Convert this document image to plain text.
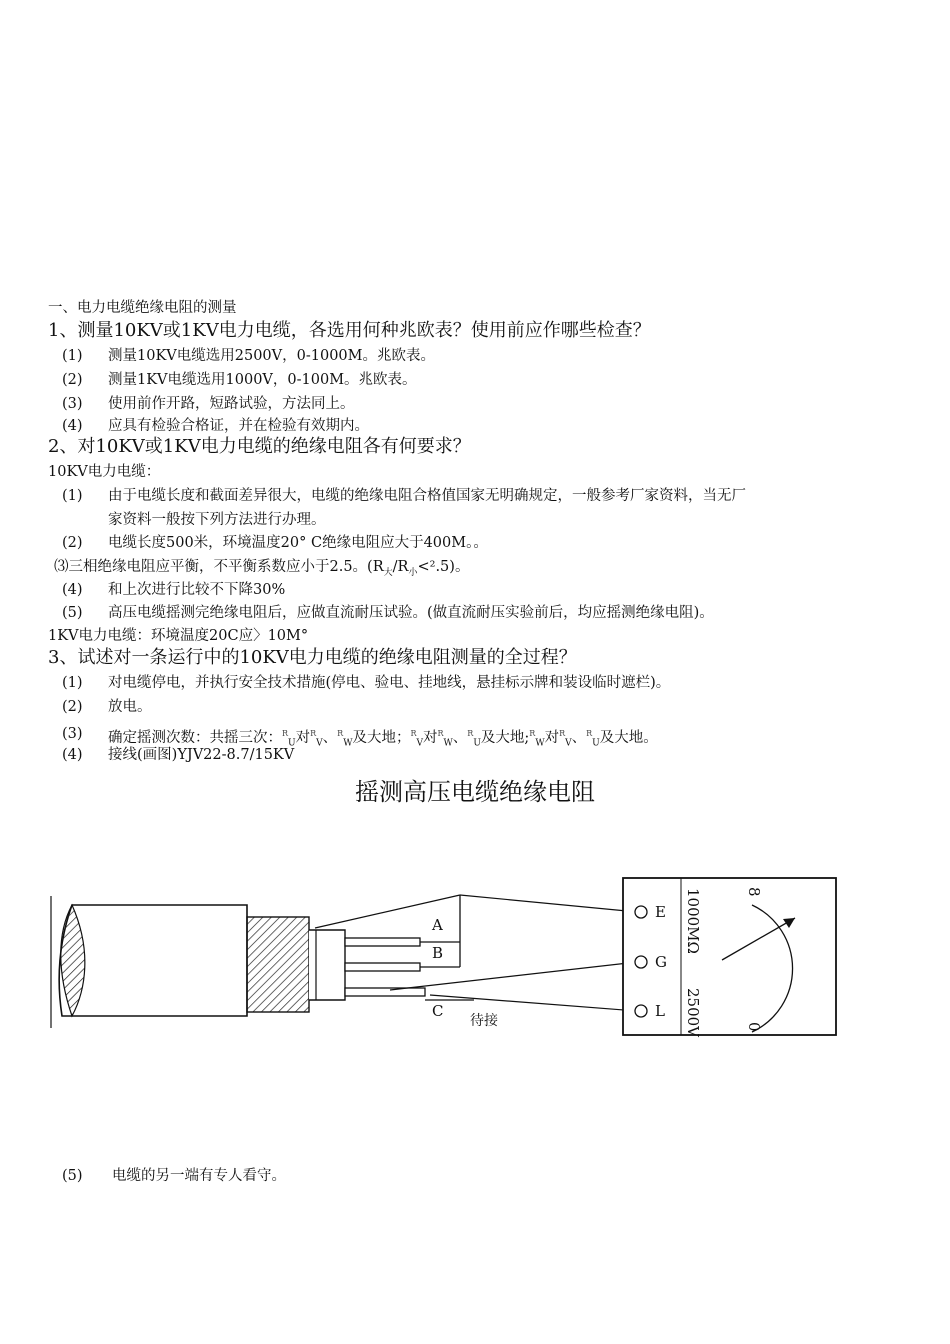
一、电力电缆绝缘电阻的测量
1、测量10KV或1KV电力电缆，各选用何种兆欧表？使用前应作哪些检查？
(1) 测量10KV电缆选用2500V，0-1000M。兆欧表。
(2) 测量1KV电缆选用1000V，0-100M。兆欧表。
(3) 使用前作开路，短路试验，方法同上。
(4) 应具有检验合格证，并在检验有效期内。
2、对10KV或1KV电力电缆的绝缘电阻各有何要求？
10KV电力电缆：
(1) 由于电缆长度和截面差异很大，电缆的绝缘电阻合格值国家无明确规定，一般参考厂家资料，当无厂
家资料一般按下列方法进行办理。
(2) 电缆长度500米，环境温度20° C绝缘电阻应大于400M。。
⑶三相绝缘电阻应平衡，不平衡系数应小于2.5。$(R_大/R_小<^2.5)$。
(4) 和上次进行比较不下降30%
(5) 高压电缆摇测完绝缘电阻后，应做直流耐压试验。(做直流耐压实验前后，均应摇测绝缘电阻)。
1KV电力电缆：环境温度20C应〉10M°
3、试述对一条运行中的10KV电力电缆的绝缘电阻测量的全过程？
(1) 对电缆停电，并执行安全技术措施(停电、验电、挂地线，悬挂标示牌和装设临时遮栏)。
(2) 放电。
(3) 确定摇测次数：共摇三次：$^R_U$对$^R_V$、$^R_W$及大地；$^R_V$对$^R_W$、$^R_U$及大地;$^R_W$对$^R_V$、$^R_U$及大地。
(4) 接线(画图)YJV22-8.7/15KV
摇测高压电缆绝缘电阻
A
B
C
待接
E
G
L
1000MΩ
2500V
8
0
(5) 电缆的另一端有专人看守。
